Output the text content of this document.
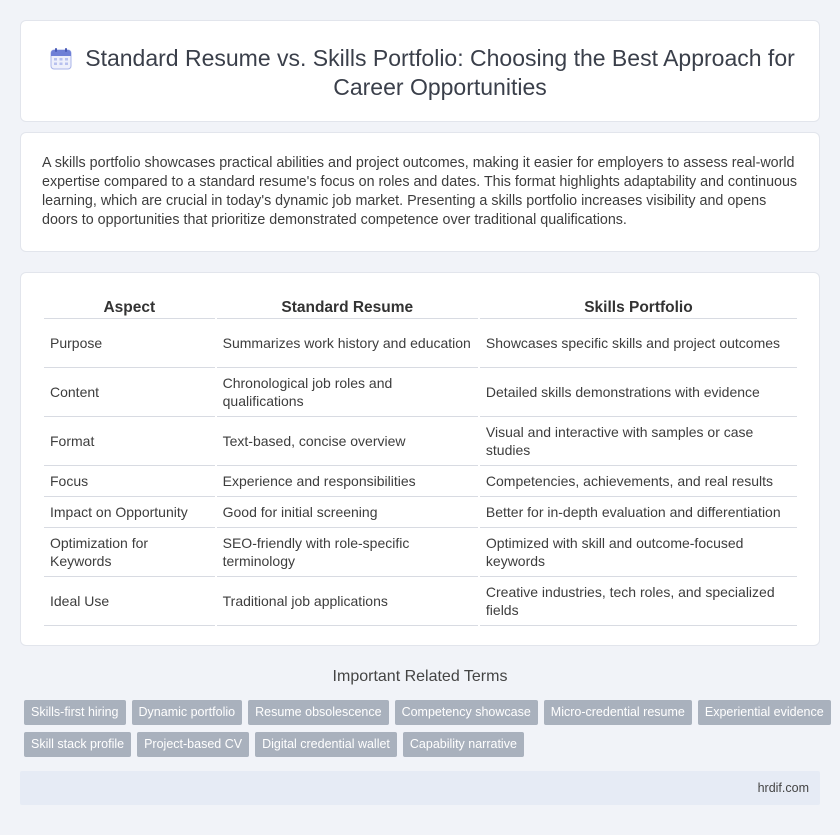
Standard Resume vs. Skills Portfolio: Choosing the Best Approach for Career Opportunities

A skills portfolio showcases practical abilities and project outcomes, making it easier for employers to assess real-world expertise compared to a standard resume's focus on roles and dates. This format highlights adaptability and continuous learning, which are crucial in today's dynamic job market. Presenting a skills portfolio increases visibility and opens doors to opportunities that prioritize demonstrated competence over traditional qualifications.

Aspect	Standard Resume	Skills Portfolio
Purpose	Summarizes work history and education	Showcases specific skills and project outcomes
Content	Chronological job roles and qualifications	Detailed skills demonstrations with evidence
Format	Text-based, concise overview	Visual and interactive with samples or case studies
Focus	Experience and responsibilities	Competencies, achievements, and real results
Impact on Opportunity	Good for initial screening	Better for in-depth evaluation and differentiation
Optimization for Keywords	SEO-friendly with role-specific terminology	Optimized with skill and outcome-focused keywords
Ideal Use	Traditional job applications	Creative industries, tech roles, and specialized fields
Important Related Terms
Skills-first hiring Dynamic portfolio Resume obsolescence Competency showcase Micro-credential resume Experiential evidence
Skill stack profile Project-based CV Digital credential wallet Capability narrative
hrdif.com
